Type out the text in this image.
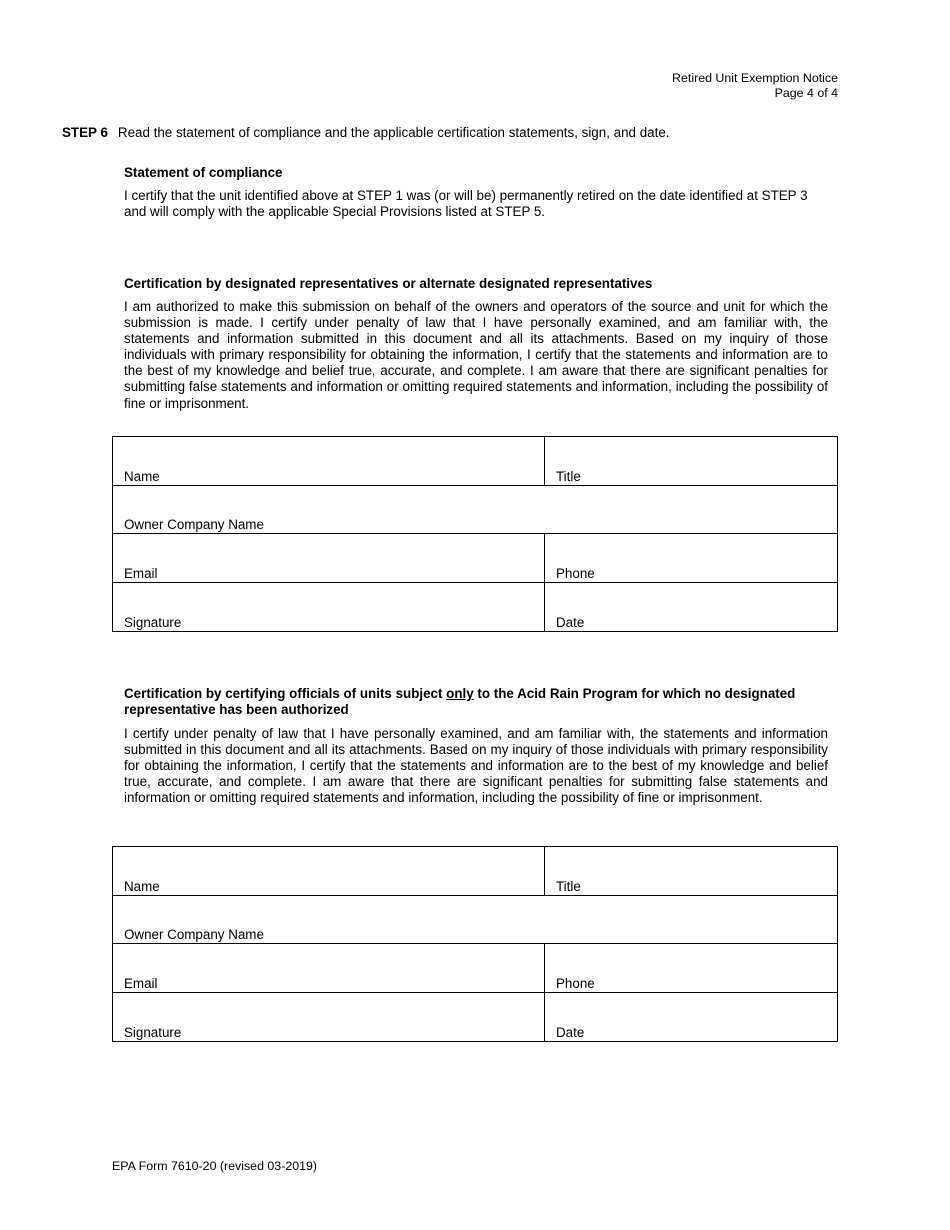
Retired Unit Exemption Notice
Page 4 of 4
STEP 6 Read the statement of compliance and the applicable certification statements, sign, and date.
Statement of compliance
I certify that the unit identified above at STEP 1 was (or will be) permanently retired on the date identified at STEP 3 and will comply with the applicable Special Provisions listed at STEP 5.
Certification by designated representatives or alternate designated representatives
I am authorized to make this submission on behalf of the owners and operators of the source and unit for which the submission is made. I certify under penalty of law that I have personally examined, and am familiar with, the statements and information submitted in this document and all its attachments. Based on my inquiry of those individuals with primary responsibility for obtaining the information, I certify that the statements and information are to the best of my knowledge and belief true, accurate, and complete. I am aware that there are significant penalties for submitting false statements and information or omitting required statements and information, including the possibility of fine or imprisonment.
Name	Title
Owner Company Name
Email	Phone
Signature	Date
Certification by certifying officials of units subject only to the Acid Rain Program for which no designated representative has been authorized
I certify under penalty of law that I have personally examined, and am familiar with, the statements and information submitted in this document and all its attachments. Based on my inquiry of those individuals with primary responsibility for obtaining the information, I certify that the statements and information are to the best of my knowledge and belief true, accurate, and complete. I am aware that there are significant penalties for submitting false statements and information or omitting required statements and information, including the possibility of fine or imprisonment.
Name	Title
Owner Company Name
Email	Phone
Signature	Date
EPA Form 7610-20 (revised 03-2019)
